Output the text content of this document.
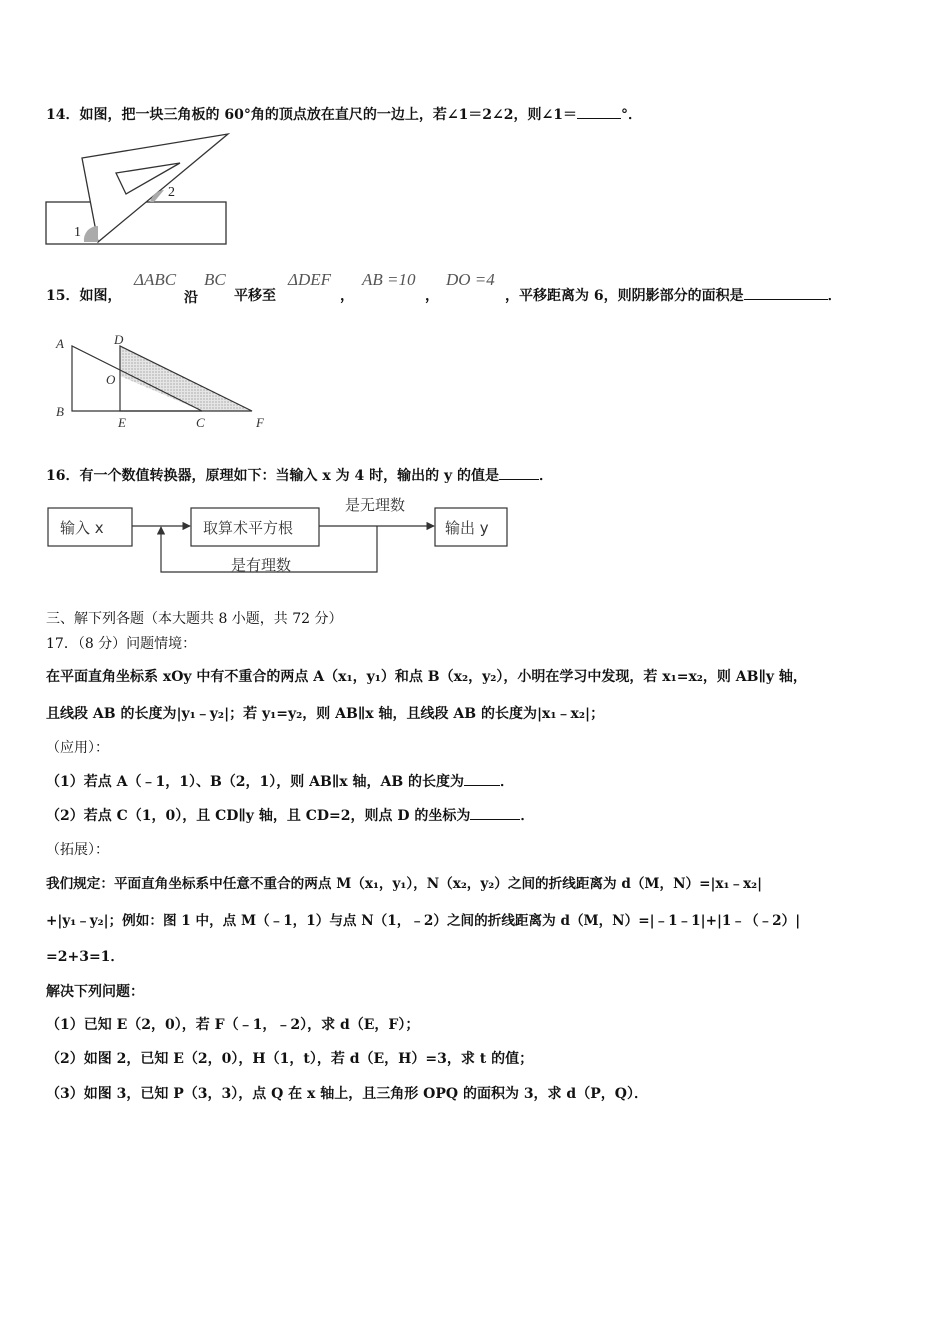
14．如图，把一块三角板的 60°角的顶点放在直尺的一边上，若∠1＝2∠2，则∠1＝	°．
1
2
15．如图，
ΔABC
沿
BC
平移至
ΔDEF
，
AB =10
，
DO =4
，平移距离为 6，则阴影部分的面积是	．
A	D
O
B
E	C	F
16．有一个数值转换器，原理如下：当输入 x 为 4 时，输出的 y 的值是	．
输入 x	取算术平方根	输出 y
是无理数
是有理数
三、解下列各题（本大题共 8 小题，共 72 分）
17．（8 分）问题情境：
在平面直角坐标系 xOy 中有不重合的两点 A（x₁，y₁）和点 B（x₂，y₂），小明在学习中发现，若 x₁=x₂，则 AB∥y 轴，
且线段 AB 的长度为|y₁﹣y₂|；若 y₁=y₂，则 AB∥x 轴，且线段 AB 的长度为|x₁﹣x₂|；
（应用）：
（1）若点 A（﹣1，1）、B（2，1），则 AB∥x 轴，AB 的长度为	．
（2）若点 C（1，0），且 CD∥y 轴，且 CD=2，则点 D 的坐标为	．
（拓展）：
我们规定：平面直角坐标系中任意不重合的两点 M（x₁，y₁），N（x₂，y₂）之间的折线距离为 d（M，N）=|x₁﹣x₂|
+|y₁﹣y₂|；例如：图 1 中，点 M（﹣1，1）与点 N（1，﹣2）之间的折线距离为 d（M，N）=|﹣1﹣1|+|1﹣（﹣2）|
=2+3=1．
解决下列问题：
（1）已知 E（2，0），若 F（﹣1，﹣2），求 d（E，F）；
（2）如图 2，已知 E（2，0），H（1，t），若 d（E，H）=3，求 t 的值；
（3）如图 3，已知 P（3，3），点 Q 在 x 轴上，且三角形 OPQ 的面积为 3，求 d（P，Q）．
